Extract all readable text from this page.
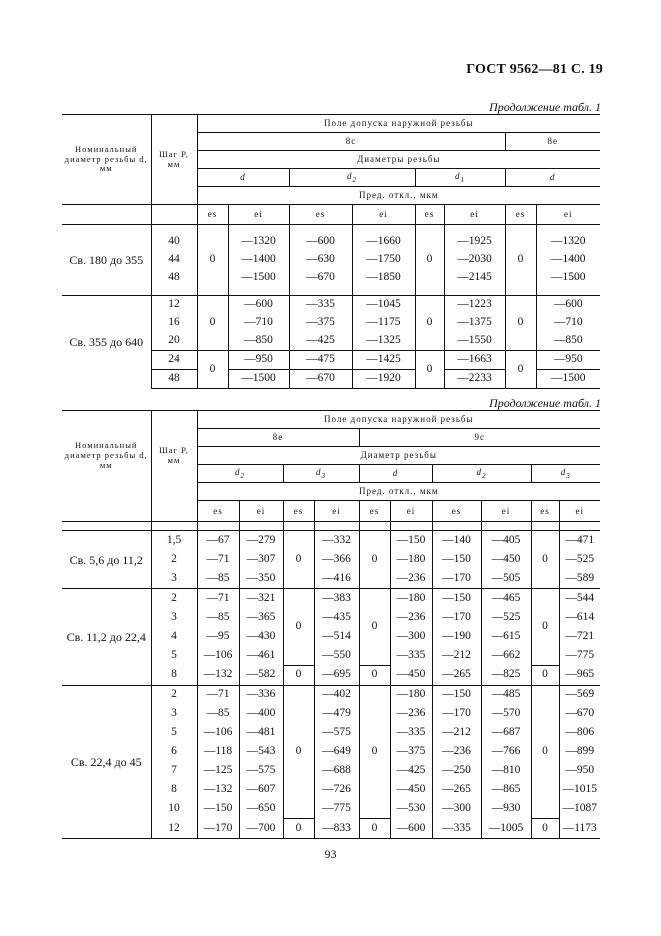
ГОСТ 9562—81 С. 19
Продолжение табл. 1
Номинальный диаметр резьбы d, мм	Шаг Р, мм	Поле допуска наружной резьбы							
		8с						8е	
		Диаметры резьбы							
		d		$d_2$		$d_1$		d	
		Пред. откл., мкм							
		es	ei	es	ei	es	ei	es	ei

Св. 180 до 355	40	0	—1320	—600	—1660	0	—1925	0	—1320
	44		—1400	—630	—1750		—2030		—1400
	48		—1500	—670	—1850		—2145		—1500

Св. 355 до 640	12	0	—600	—335	—1045	0	—1223	0	—600
	16		—710	—375	—1175		—1375		—710
	20		—850	—425	—1325		—1550		—850
	24	0	—950	—475	—1425	0	—1663	0	—950
	48		—1500	—670	—1920		—2233		—1500
Продолжение табл. 1
Номинальный диаметр резьбы d, мм	Шаг Р, мм	Поле допуска наружной резьбы									
		8е				9с					
		Диаметр резьбы									
		$d_2$		$d_3$		d		$d_2$		$d_3$
		Пред. откл., мкм									
		es	ei	es	ei	es	ei	es	ei	es	ei

Св. 5,6 до 11,2	1,5	—67	—279	0	—332	0	—150	—140	—405	0	—471
	2	—71	—307		—366		—180	—150	—450		—525
	3	—85	—350		—416		—236	—170	—505		—589
Св. 11,2 до 22,4	2	—71	—321	0	—383	0	—180	—150	—465	0	—544
	3	—85	—365		—435		—236	—170	—525		—614
	4	—95	—430		—514		—300	—190	—615		—721
	5	—106	—461		—550		—335	—212	—662		—775
	8	—132	—582	0	—695	0	—450	—265	—825	0	—965
Св. 22,4 до 45	2	—71	—336	0	—402	0	—180	—150	—485	0	—569
	3	—85	—400		—479		—236	—170	—570		—670
	5	—106	—481		—575		—335	—212	—687		—806
	6	—118	—543		—649		—375	—236	—766		—899
	7	—125	—575		—688		—425	—250	—810		—950
	8	—132	—607		—726		—450	—265	—865		—1015
	10	—150	—650		—775		—530	—300	—930		—1087
	12	—170	—700	0	—833	0	—600	—335	—1005	0	—1173
93
